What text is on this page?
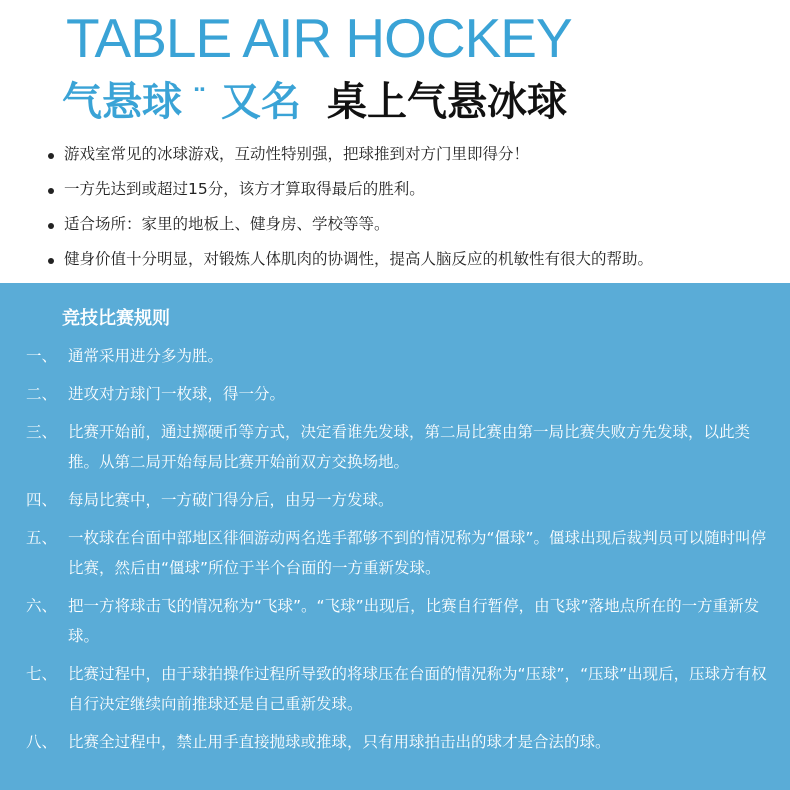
TABLE AIR HOCKEY
气悬球 ¨ 又名 桌上气悬冰球
游戏室常见的冰球游戏，互动性特别强，把球推到对方门里即得分！
一方先达到或超过15分，该方才算取得最后的胜利。
适合场所：家里的地板上、健身房、学校等等。
健身价值十分明显，对锻炼人体肌肉的协调性，提高人脑反应的机敏性有很大的帮助。
竞技比赛规则
一、 通常采用进分多为胜。
二、 进攻对方球门一枚球，得一分。
三、 比赛开始前，通过掷硬币等方式，决定看谁先发球，第二局比赛由第一局比赛失败方先发球，以此类推。从第二局开始每局比赛开始前双方交换场地。
四、 每局比赛中，一方破门得分后，由另一方发球。
五、 一枚球在台面中部地区徘徊游动两名选手都够不到的情况称为“僵球”。僵球出现后裁判员可以随时叫停比赛，然后由“僵球”所位于半个台面的一方重新发球。
六、 把一方将球击飞的情况称为“飞球”。“飞球”出现后，比赛自行暂停，由飞球”落地点所在的一方重新发球。
七、 比赛过程中，由于球拍操作过程所导致的将球压在台面的情况称为“压球”，“压球”出现后，压球方有权自行决定继续向前推球还是自己重新发球。
八、 比赛全过程中，禁止用手直接抛球或推球，只有用球拍击出的球才是合法的球。
